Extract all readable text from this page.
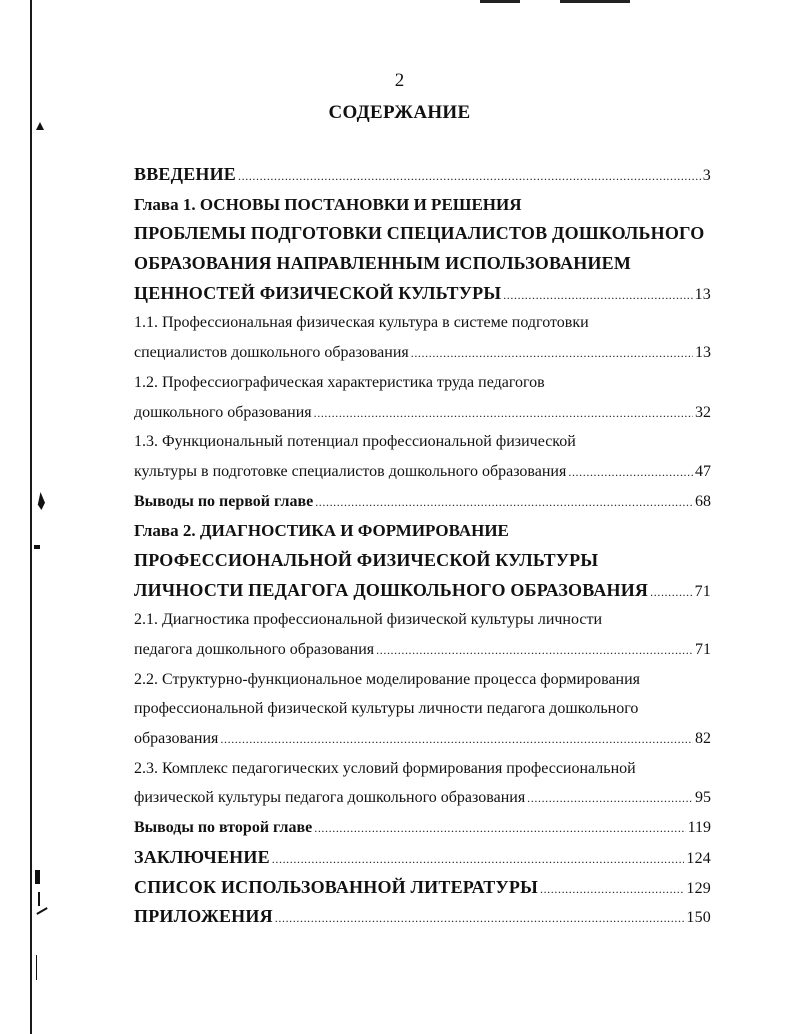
2
СОДЕРЖАНИЕ
ВВЕДЕНИЕ .....	3
Глава 1. ОСНОВЫ ПОСТАНОВКИ И РЕШЕНИЯ
ПРОБЛЕМЫ ПОДГОТОВКИ СПЕЦИАЛИСТОВ ДОШКОЛЬНОГО
ОБРАЗОВАНИЯ НАПРАВЛЕННЫМ ИСПОЛЬЗОВАНИЕМ
ЦЕННОСТЕЙ ФИЗИЧЕСКОЙ КУЛЬТУРЫ .....	13
1.1. Профессиональная физическая культура в системе подготовки
специалистов дошкольного образования .....	13
1.2. Профессиографическая характеристика труда педагогов
дошкольного образования .....	32
1.3. Функциональный потенциал профессиональной физической
культуры в подготовке специалистов дошкольного образования .....	47
Выводы по первой главе .....	68
Глава 2. ДИАГНОСТИКА И ФОРМИРОВАНИЕ
ПРОФЕССИОНАЛЬНОЙ ФИЗИЧЕСКОЙ КУЛЬТУРЫ
ЛИЧНОСТИ ПЕДАГОГА ДОШКОЛЬНОГО ОБРАЗОВАНИЯ .....	71
2.1. Диагностика профессиональной физической культуры личности
педагога дошкольного образования .....	71
2.2. Структурно-функциональное моделирование процесса формирования
профессиональной физической культуры личности педагога дошкольного
образования .....	82
2.3. Комплекс педагогических условий формирования профессиональной
физической культуры педагога дошкольного образования .....	95
Выводы по второй главе .....	119
ЗАКЛЮЧЕНИЕ .....	124
СПИСОК ИСПОЛЬЗОВАННОЙ ЛИТЕРАТУРЫ .....	129
ПРИЛОЖЕНИЯ .....	150
